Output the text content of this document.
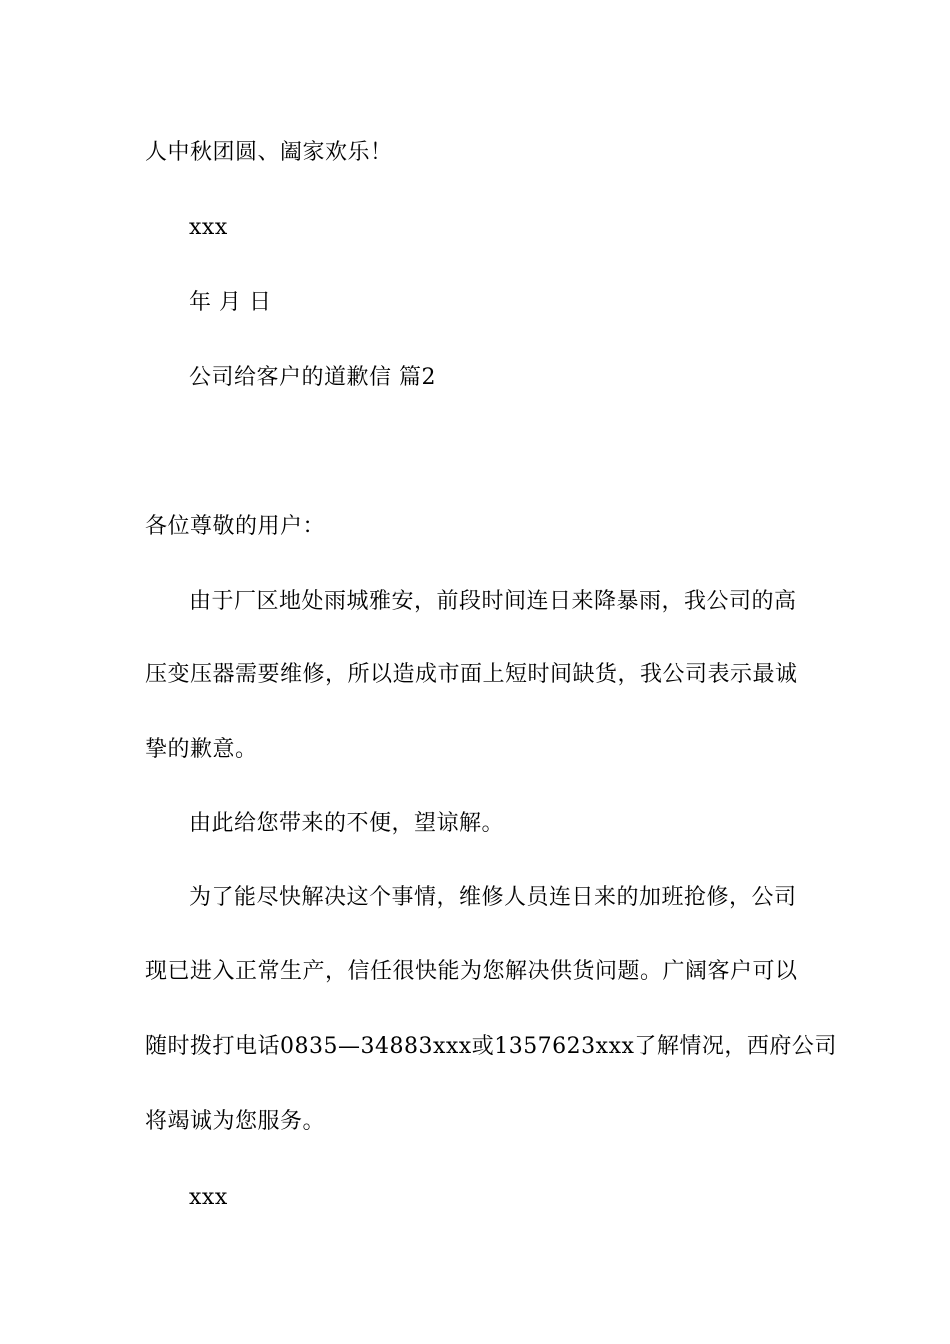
人中秋团圆、阖家欢乐！
xxx
年 月 日
公司给客户的道歉信 篇2
各位尊敬的用户：
由于厂区地处雨城雅安，前段时间连日来降暴雨，我公司的高
压变压器需要维修，所以造成市面上短时间缺货，我公司表示最诚
挚的歉意。
由此给您带来的不便，望谅解。
为了能尽快解决这个事情，维修人员连日来的加班抢修，公司
现已进入正常生产，信任很快能为您解决供货问题。广阔客户可以
随时拨打电话0835—34883xxx或1357623xxx了解情况，西府公司
将竭诚为您服务。
xxx
